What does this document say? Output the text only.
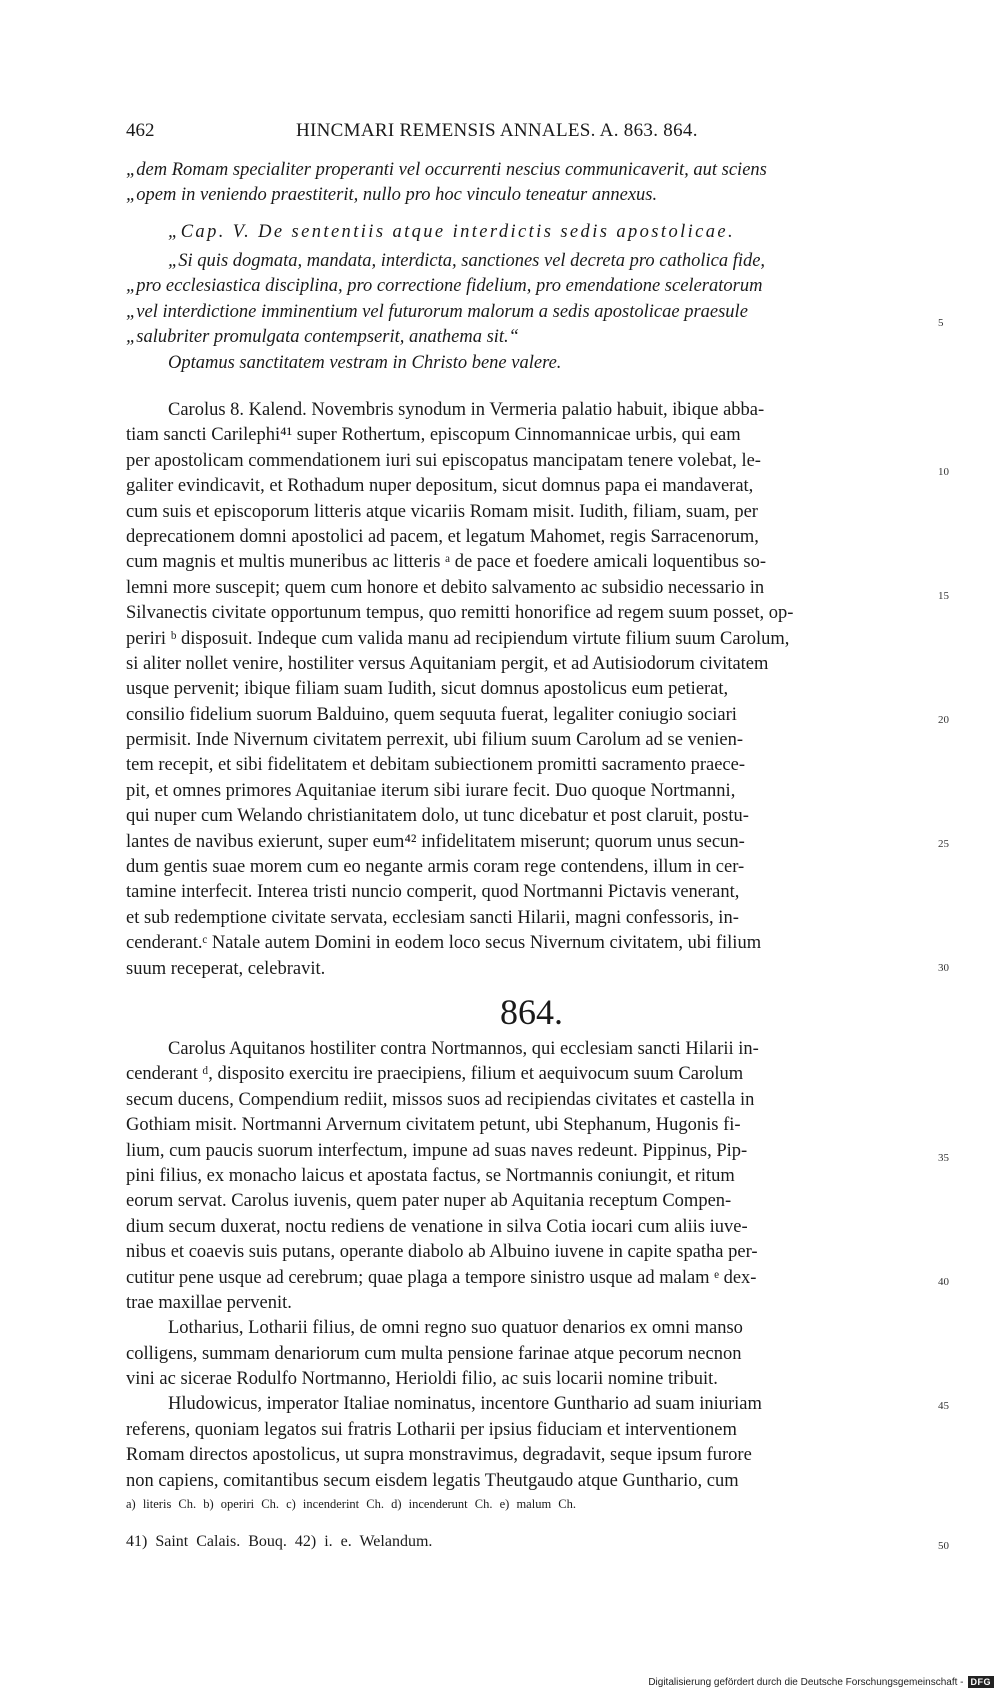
462	HINCMARI REMENSIS ANNALES. A. 863. 864.
„dem Romam specialiter properanti vel occurrenti nescius communicaverit, aut sciens
„opem in veniendo praestiterit, nullo pro hoc vinculo teneatur annexus.
„Cap. V. De sententiis atque interdictis sedis apostolicae.
„Si quis dogmata, mandata, interdicta, sanctiones vel decreta pro catholica fide,
„pro ecclesiastica disciplina, pro correctione fidelium, pro emendatione sceleratorum
„vel interdictione imminentium vel futurorum malorum a sedis apostolicae praesule
„salubriter promulgata contempserit, anathema sit.“
Optamus sanctitatem vestram in Christo bene valere.
Carolus 8. Kalend. Novembris synodum in Vermeria palatio habuit, ibique abba-
tiam sancti Carilephi⁴¹ super Rothertum, episcopum Cinnomannicae urbis, qui eam
per apostolicam commendationem iuri sui episcopatus mancipatam tenere volebat, le-
galiter evindicavit, et Rothadum nuper depositum, sicut domnus papa ei mandaverat,
cum suis et episcoporum litteris atque vicariis Romam misit. Iudith, filiam, suam, per
deprecationem domni apostolici ad pacem, et legatum Mahomet, regis Sarracenorum,
cum magnis et multis muneribus ac litteris ᵃ de pace et foedere amicali loquentibus so-
lemni more suscepit; quem cum honore et debito salvamento ac subsidio necessario in
Silvanectis civitate opportunum tempus, quo remitti honorifice ad regem suum posset, op-
periri ᵇ disposuit. Indeque cum valida manu ad recipiendum virtute filium suum Carolum,
si aliter nollet venire, hostiliter versus Aquitaniam pergit, et ad Autisiodorum civitatem
usque pervenit; ibique filiam suam Iudith, sicut domnus apostolicus eum petierat,
consilio fidelium suorum Balduino, quem sequuta fuerat, legaliter coniugio sociari
permisit. Inde Nivernum civitatem perrexit, ubi filium suum Carolum ad se venien-
tem recepit, et sibi fidelitatem et debitam subiectionem promitti sacramento praece-
pit, et omnes primores Aquitaniae iterum sibi iurare fecit. Duo quoque Nortmanni,
qui nuper cum Welando christianitatem dolo, ut tunc dicebatur et post claruit, postu-
lantes de navibus exierunt, super eum⁴² infidelitatem miserunt; quorum unus secun-
dum gentis suae morem cum eo negante armis coram rege contendens, illum in cer-
tamine interfecit. Interea tristi nuncio comperit, quod Nortmanni Pictavis venerant,
et sub redemptione civitate servata, ecclesiam sancti Hilarii, magni confessoris, in-
cenderant.ᶜ Natale autem Domini in eodem loco secus Nivernum civitatem, ubi filium
suum receperat, celebravit.
864.
Carolus Aquitanos hostiliter contra Nortmannos, qui ecclesiam sancti Hilarii in-
cenderant ᵈ, disposito exercitu ire praecipiens, filium et aequivocum suum Carolum
secum ducens, Compendium rediit, missos suos ad recipiendas civitates et castella in
Gothiam misit. Nortmanni Arvernum civitatem petunt, ubi Stephanum, Hugonis fi-
lium, cum paucis suorum interfectum, impune ad suas naves redeunt. Pippinus, Pip-
pini filius, ex monacho laicus et apostata factus, se Nortmannis coniungit, et ritum
eorum servat. Carolus iuvenis, quem pater nuper ab Aquitania receptum Compen-
dium secum duxerat, noctu rediens de venatione in silva Cotia iocari cum aliis iuve-
nibus et coaevis suis putans, operante diabolo ab Albuino iuvene in capite spatha per-
cutitur pene usque ad cerebrum; quae plaga a tempore sinistro usque ad malam ᵉ dex-
trae maxillae pervenit.
Lotharius, Lotharii filius, de omni regno suo quatuor denarios ex omni manso
colligens, summam denariorum cum multa pensione farinae atque pecorum necnon
vini ac sicerae Rodulfo Nortmanno, Herioldi filio, ac suis locarii nomine tribuit.
Hludowicus, imperator Italiae nominatus, incentore Gunthario ad suam iniuriam
referens, quoniam legatos sui fratris Lotharii per ipsius fiduciam et interventionem
Romam directos apostolicus, ut supra monstravimus, degradavit, seque ipsum furore
non capiens, comitantibus secum eisdem legatis Theutgaudo atque Gunthario, cum
5
10
15
20
25
30
35
40
45
50
a) literis Ch. b) operiri Ch. c) incenderint Ch. d) incenderunt Ch. e) malum Ch.
41) Saint Calais. Bouq. 42) i. e. Welandum.
Digitalisierung gefördert durch die Deutsche Forschungsgemeinschaft - DFG
